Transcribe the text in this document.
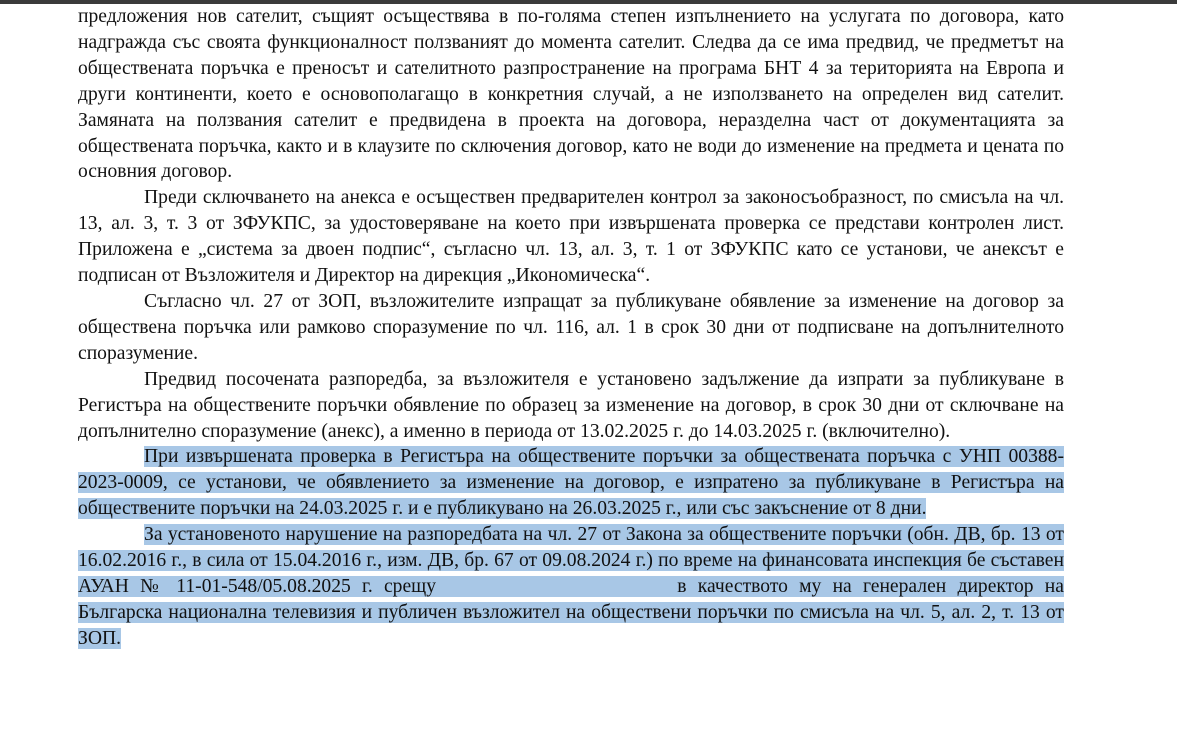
предложения нов сателит, същият осъществява в по-голяма степен изпълнението на услугата по договора, като надгражда със своята функционалност ползваният до момента сателит. Следва да се има предвид, че предметът на обществената поръчка е преносът и сателитното разпространение на програма БНТ 4 за територията на Европа и други континенти, което е основополагащо в конкретния случай, а не използването на определен вид сателит. Замяната на ползвания сателит е предвидена в проекта на договора, неразделна част от документацията за обществената поръчка, както и в клаузите по сключения договор, като не води до изменение на предмета и цената по основния договор.

Преди сключването на анекса е осъществен предварителен контрол за законосъобразност, по смисъла на чл. 13, ал. 3, т. 3 от ЗФУКПС, за удостоверяване на което при извършената проверка се представи контролен лист. Приложена е „система за двоен подпис“, съгласно чл. 13, ал. 3, т. 1 от ЗФУКПС като се установи, че анексът е подписан от Възложителя и Директор на дирекция „Икономическа“.

Съгласно чл. 27 от ЗОП, възложителите изпращат за публикуване обявление за изменение на договор за обществена поръчка или рамково споразумение по чл. 116, ал. 1 в срок 30 дни от подписване на допълнителното споразумение.

Предвид посочената разпоредба, за възложителя е установено задължение да изпрати за публикуване в Регистъра на обществените поръчки обявление по образец за изменение на договор, в срок 30 дни от сключване на допълнително споразумение (анекс), а именно в периода от 13.02.2025 г. до 14.03.2025 г. (включително).

При извършената проверка в Регистъра на обществените поръчки за обществената поръчка с УНП 00388-2023-0009, се установи, че обявлението за изменение на договор, е изпратено за публикуване в Регистъра на обществените поръчки на 24.03.2025 г. и е публикувано на 26.03.2025 г., или със закъснение от 8 дни.

За установеното нарушение на разпоредбата на чл. 27 от Закона за обществените поръчки (обн. ДВ, бр. 13 от 16.02.2016 г., в сила от 15.04.2016 г., изм. ДВ, бр. 67 от 09.08.2024 г.) по време на финансовата инспекция бе съставен АУАН № 11-01-548/05.08.2025 г. срещу	в качеството му на генерален директор на Българска национална телевизия и публичен възложител на обществени поръчки по смисъла на чл. 5, ал. 2, т. 13 от ЗОП.
